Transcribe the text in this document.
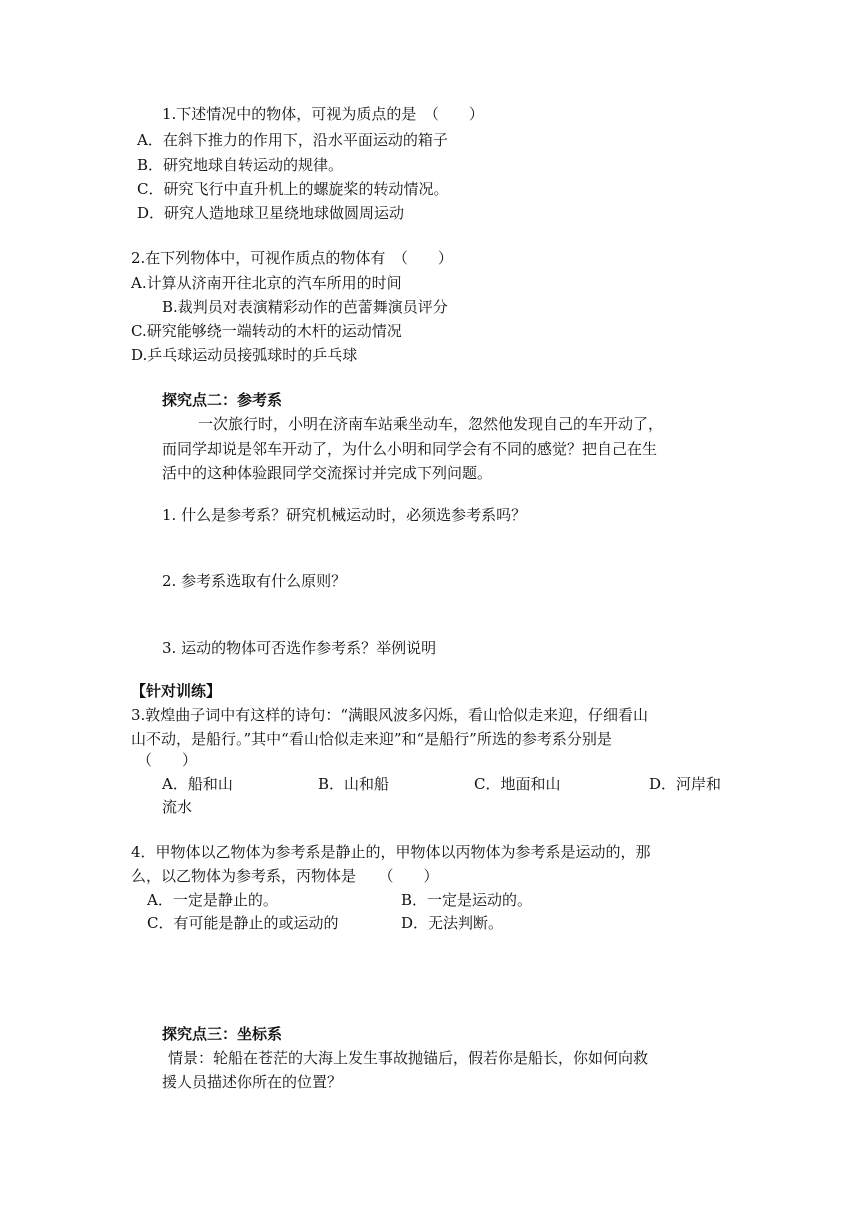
1.下述情况中的物体，可视为质点的是　（　　）
A．在斜下推力的作用下，沿水平面运动的箱子
B．研究地球自转运动的规律。
C．研究飞行中直升机上的螺旋桨的转动情况。
D．研究人造地球卫星绕地球做圆周运动
2.在下列物体中，可视作质点的物体有　（　　）
A.计算从济南开往北京的汽车所用的时间
B.裁判员对表演精彩动作的芭蕾舞演员评分
C.研究能够绕一端转动的木杆的运动情况
D.乒乓球运动员接弧球时的乒乓球
探究点二：参考系
一次旅行时，小明在济南车站乘坐动车，忽然他发现自己的车开动了，
而同学却说是邻车开动了，为什么小明和同学会有不同的感觉？把自己在生
活中的这种体验跟同学交流探讨并完成下列问题。
1. 什么是参考系？研究机械运动时，必须选参考系吗？
2. 参考系选取有什么原则？
3. 运动的物体可否选作参考系？举例说明
【针对训练】
3.敦煌曲子词中有这样的诗句：“满眼风波多闪烁，看山恰似走来迎，仔细看山
山不动，是船行。”其中“看山恰似走来迎”和“是船行”所选的参考系分别是
（　　）
A．船和山	B．山和船	C．地面和山	D．河岸和
流水
4．甲物体以乙物体为参考系是静止的，甲物体以丙物体为参考系是运动的，那
么，以乙物体为参考系，丙物体是　　（　　）
A．一定是静止的。	B．一定是运动的。
C．有可能是静止的或运动的	D．无法判断。
探究点三：坐标系
情景：轮船在苍茫的大海上发生事故抛锚后，假若你是船长，你如何向救
援人员描述你所在的位置？
